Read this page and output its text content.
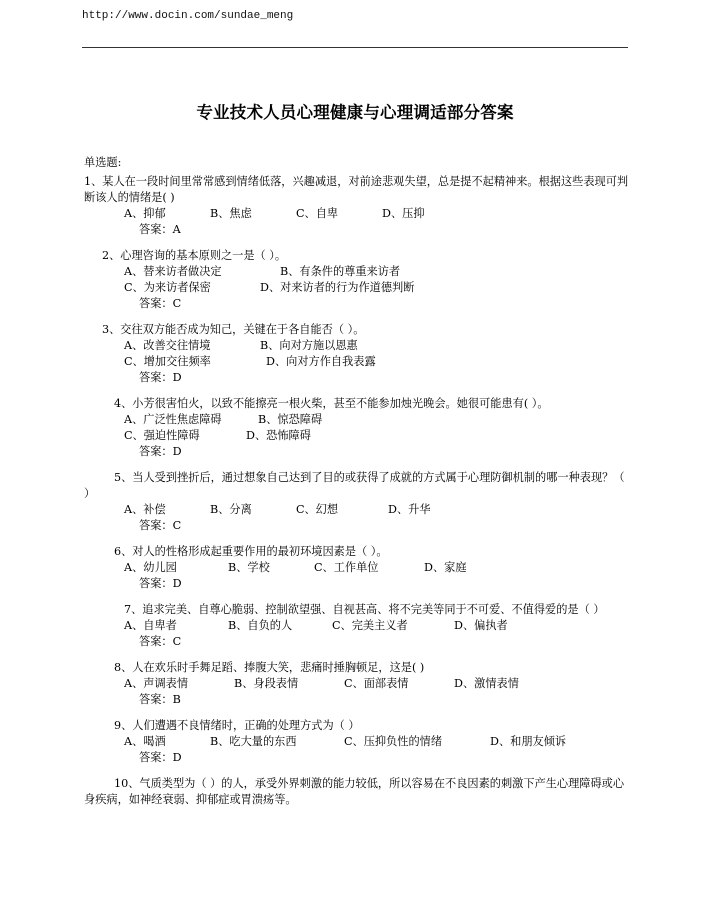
http://www.docin.com/sundae_meng
专业技术人员心理健康与心理调适部分答案
单选题:
1、某人在一段时间里常常感到情绪低落，兴趣减退，对前途悲观失望，总是提不起精神来。根据这些表现可判断该人的情绪是( )
A、抑郁	B、焦虑	C、自卑	D、压抑
答案：A
2、心理咨询的基本原则之一是（ ）。
A、替来访者做决定	B、有条件的尊重来访者
C、为来访者保密	D、对来访者的行为作道德判断
答案：C
3、交往双方能否成为知己，关键在于各自能否（ ）。
A、改善交往情境	B、向对方施以恩惠
C、增加交往频率	D、向对方作自我表露
答案：D
4、小芳很害怕火，以致不能擦亮一根火柴，甚至不能参加烛光晚会。她很可能患有( ）。
A、广泛性焦虑障碍	B、惊恐障碍
C、强迫性障碍	D、恐怖障碍
答案：D
5、当人受到挫折后，通过想象自己达到了目的或获得了成就的方式属于心理防御机制的哪一种表现？（ ）
A、补偿	B、分离	C、幻想	D、升华
答案：C
6、对人的性格形成起重要作用的最初环境因素是（ ）。
A、幼儿园	B、学校	C、工作单位	D、家庭
答案：D
7、追求完美、自尊心脆弱、控制欲望强、自视甚高、将不完美等同于不可爱、不值得爱的是（ ）
A、自卑者	B、自负的人	C、完美主义者	D、偏执者
答案：C
8、人在欢乐时手舞足蹈、捧腹大笑，悲痛时捶胸顿足，这是( )
A、声调表情	B、身段表情	C、面部表情	D、激情表情
答案：B
9、人们遭遇不良情绪时，正确的处理方式为（ ）
A、喝酒	B、吃大量的东西	C、压抑负性的情绪	D、和朋友倾诉
答案：D
10、气质类型为（ ）的人，承受外界刺激的能力较低，所以容易在不良因素的刺激下产生心理障碍或心身疾病，如神经衰弱、抑郁症或胃溃疡等。
